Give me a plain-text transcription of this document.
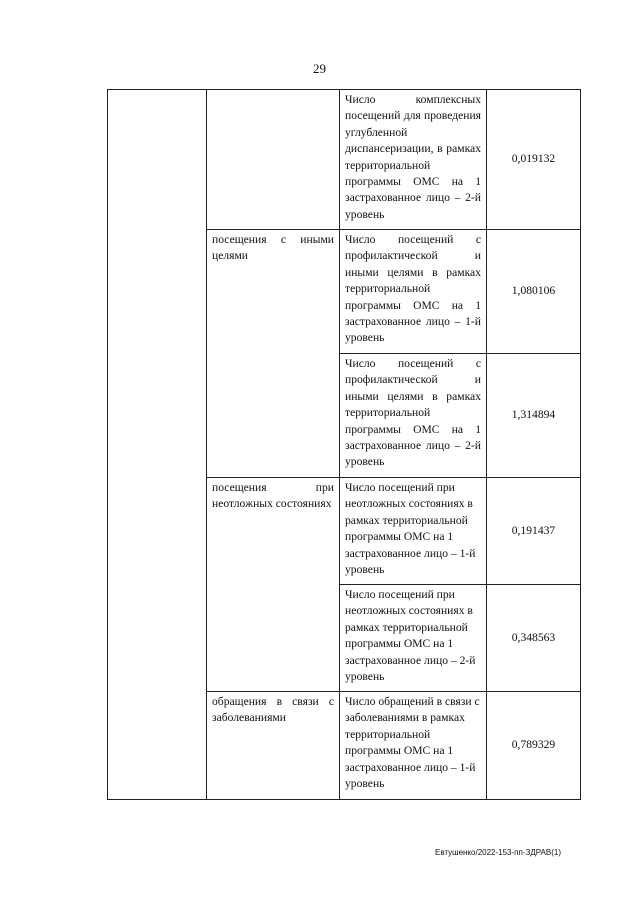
29
		Число комплексных посещений для проведения углубленной диспансеризации, в рамках территориальной программы ОМС на 1 застрахованное лицо – 2-й уровень	0,019132
	посещения с иными целями	Число посещений с профилактической и иными целями в рамках территориальной программы ОМС на 1 застрахованное лицо – 1-й уровень	1,080106
		Число посещений с профилактической и иными целями в рамках территориальной программы ОМС на 1 застрахованное лицо – 2-й уровень	1,314894
	посещения при неотложных состояниях	Число посещений при неотложных состояниях в рамках территориальной программы ОМС на 1 застрахованное лицо – 1-й уровень	0,191437
		Число посещений при неотложных состояниях в рамках территориальной программы ОМС на 1 застрахованное лицо – 2-й уровень	0,348563
	обращения в связи с заболеваниями	Число обращений в связи с заболеваниями в рамках территориальной программы ОМС на 1 застрахованное лицо – 1-й уровень	0,789329
Евтушенко/2022-153-пп-ЗДРАВ(1)
